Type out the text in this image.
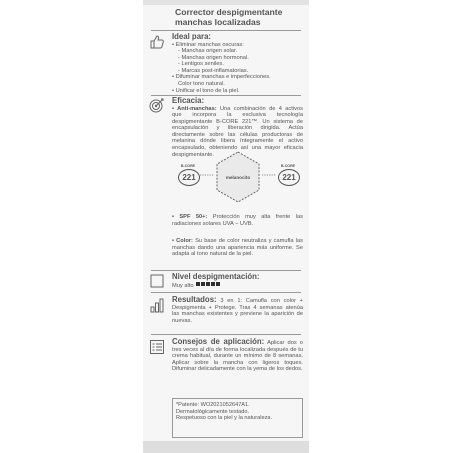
Corrector despigmentante manchas localizadas
Ideal para:

• Eliminar manchas oscuras:

- Manchas origen solar.

- Manchas origen hormonal.

- Lentigos seniles.

- Marcas post-inflamatorias.

• Difuminar manchas e imperfecciones.

Color tono natural.

• Unificar el tono de la piel.

Eficacia:

• Anti-manchas: Una combinación de 4 activos que incorpora la exclusiva tecnología despigmentante B-CORE 221™. Un sistema de encapsulación y liberación dirigida. Actúa directamente sobre las células productoras de melanina dónde libera íntegramente el activo encapsulado, obteniendo así una mayor eficacia despigmentante.

B-CORE
221	melanocito
B-CORE
221

• SPF 50+: Protección muy alta frente las radiaciones solares UVA – UVB.

• Color: Su base de color neutraliza y camufla las manchas dando una apariencia más uniforme. Se adapta al tono natural de la piel.

Nivel despigmentación:

Muy alto

Resultados: 3 en 1: Camufla con color + Despigmenta + Protege. Tras 4 semanas atenúa las manchas existentes y previene la aparición de nuevas.

Consejos de aplicación: Aplicar dos o tres veces al día de forma localizada después de tu crema habitual, durante un mínimo de 8 semanas. Aplicar sobre la mancha con ligeros toques. Difuminar delicadamente con la yema de los dedos.

*Patente: WO2021052647A1.

Dermatológicamente testado.

Respetuoso con la piel y la naturaleza.
